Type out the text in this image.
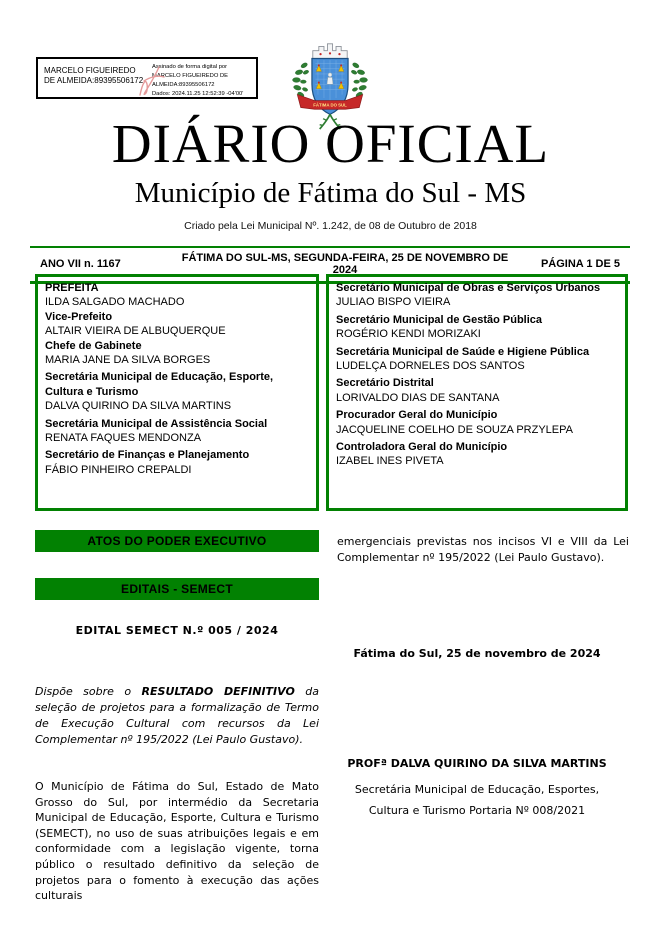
MARCELO FIGUEIREDO DE ALMEIDA:89395506172
Assinado de forma digital por
MARCELO FIGUEIREDO DE
ALMEIDA:89395506172
Dados: 2024.11.25 12:52:39 -04'00'
FÁTIMA DO SUL
DIÁRIO OFICIAL
Município de Fátima do Sul - MS
Criado pela Lei Municipal Nº. 1.242, de 08 de Outubro de 2018
ANO VII n. 1167	FÁTIMA DO SUL-MS, SEGUNDA-FEIRA, 25 DE NOVEMBRO DE 2024	PÁGINA 1 DE 5
PREFEITA
ILDA SALGADO MACHADO
Vice-Prefeito
ALTAIR VIEIRA DE ALBUQUERQUE
Chefe de Gabinete
MARIA JANE DA SILVA BORGES
Secretária Municipal de Educação, Esporte, Cultura e Turismo
DALVA QUIRINO DA SILVA MARTINS
Secretária Municipal de Assistência Social
RENATA FAQUES MENDONZA
Secretário de Finanças e Planejamento
FÁBIO PINHEIRO CREPALDI
Secretário Municipal de Obras e Serviços Urbanos
JULIAO BISPO VIEIRA
Secretário Municipal de Gestão Pública
ROGÉRIO KENDI MORIZAKI
Secretária Municipal de Saúde e Higiene Pública
LUDELÇA DORNELES DOS SANTOS
Secretário Distrital
LORIVALDO DIAS DE SANTANA
Procurador Geral do Município
JACQUELINE COELHO DE SOUZA PRZYLEPA
Controladora Geral do Município
IZABEL INES PIVETA
ATOS DO PODER EXECUTIVO
EDITAIS - SEMECT
EDITAL SEMECT N.º 005 / 2024
Dispõe sobre o RESULTADO DEFINITIVO da seleção de projetos para a formalização de Termo de Execução Cultural com recursos da Lei Complementar nº 195/2022 (Lei Paulo Gustavo).
O Município de Fátima do Sul, Estado de Mato Grosso do Sul, por intermédio da Secretaria Municipal de Educação, Esporte, Cultura e Turismo (SEMECT), no uso de suas atribuições legais e em conformidade com a legislação vigente, torna público o resultado definitivo da seleção de projetos para o fomento à execução das ações culturais
emergenciais previstas nos incisos VI e VIII da Lei Complementar nº 195/2022 (Lei Paulo Gustavo).
Fátima do Sul, 25 de novembro de 2024
PROFª DALVA QUIRINO DA SILVA MARTINS
Secretária Municipal de Educação, Esportes,
Cultura e Turismo Portaria Nº 008/2021
